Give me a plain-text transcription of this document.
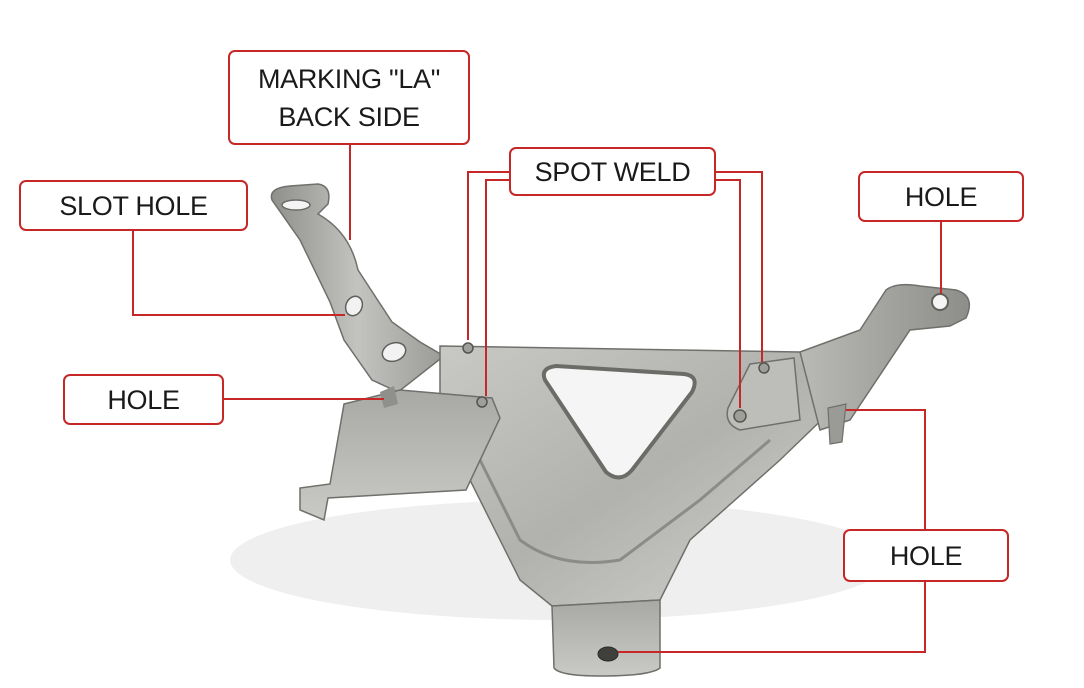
MARKING "LA"
BACK SIDE
SLOT HOLE
SPOT WELD
HOLE
HOLE
HOLE
